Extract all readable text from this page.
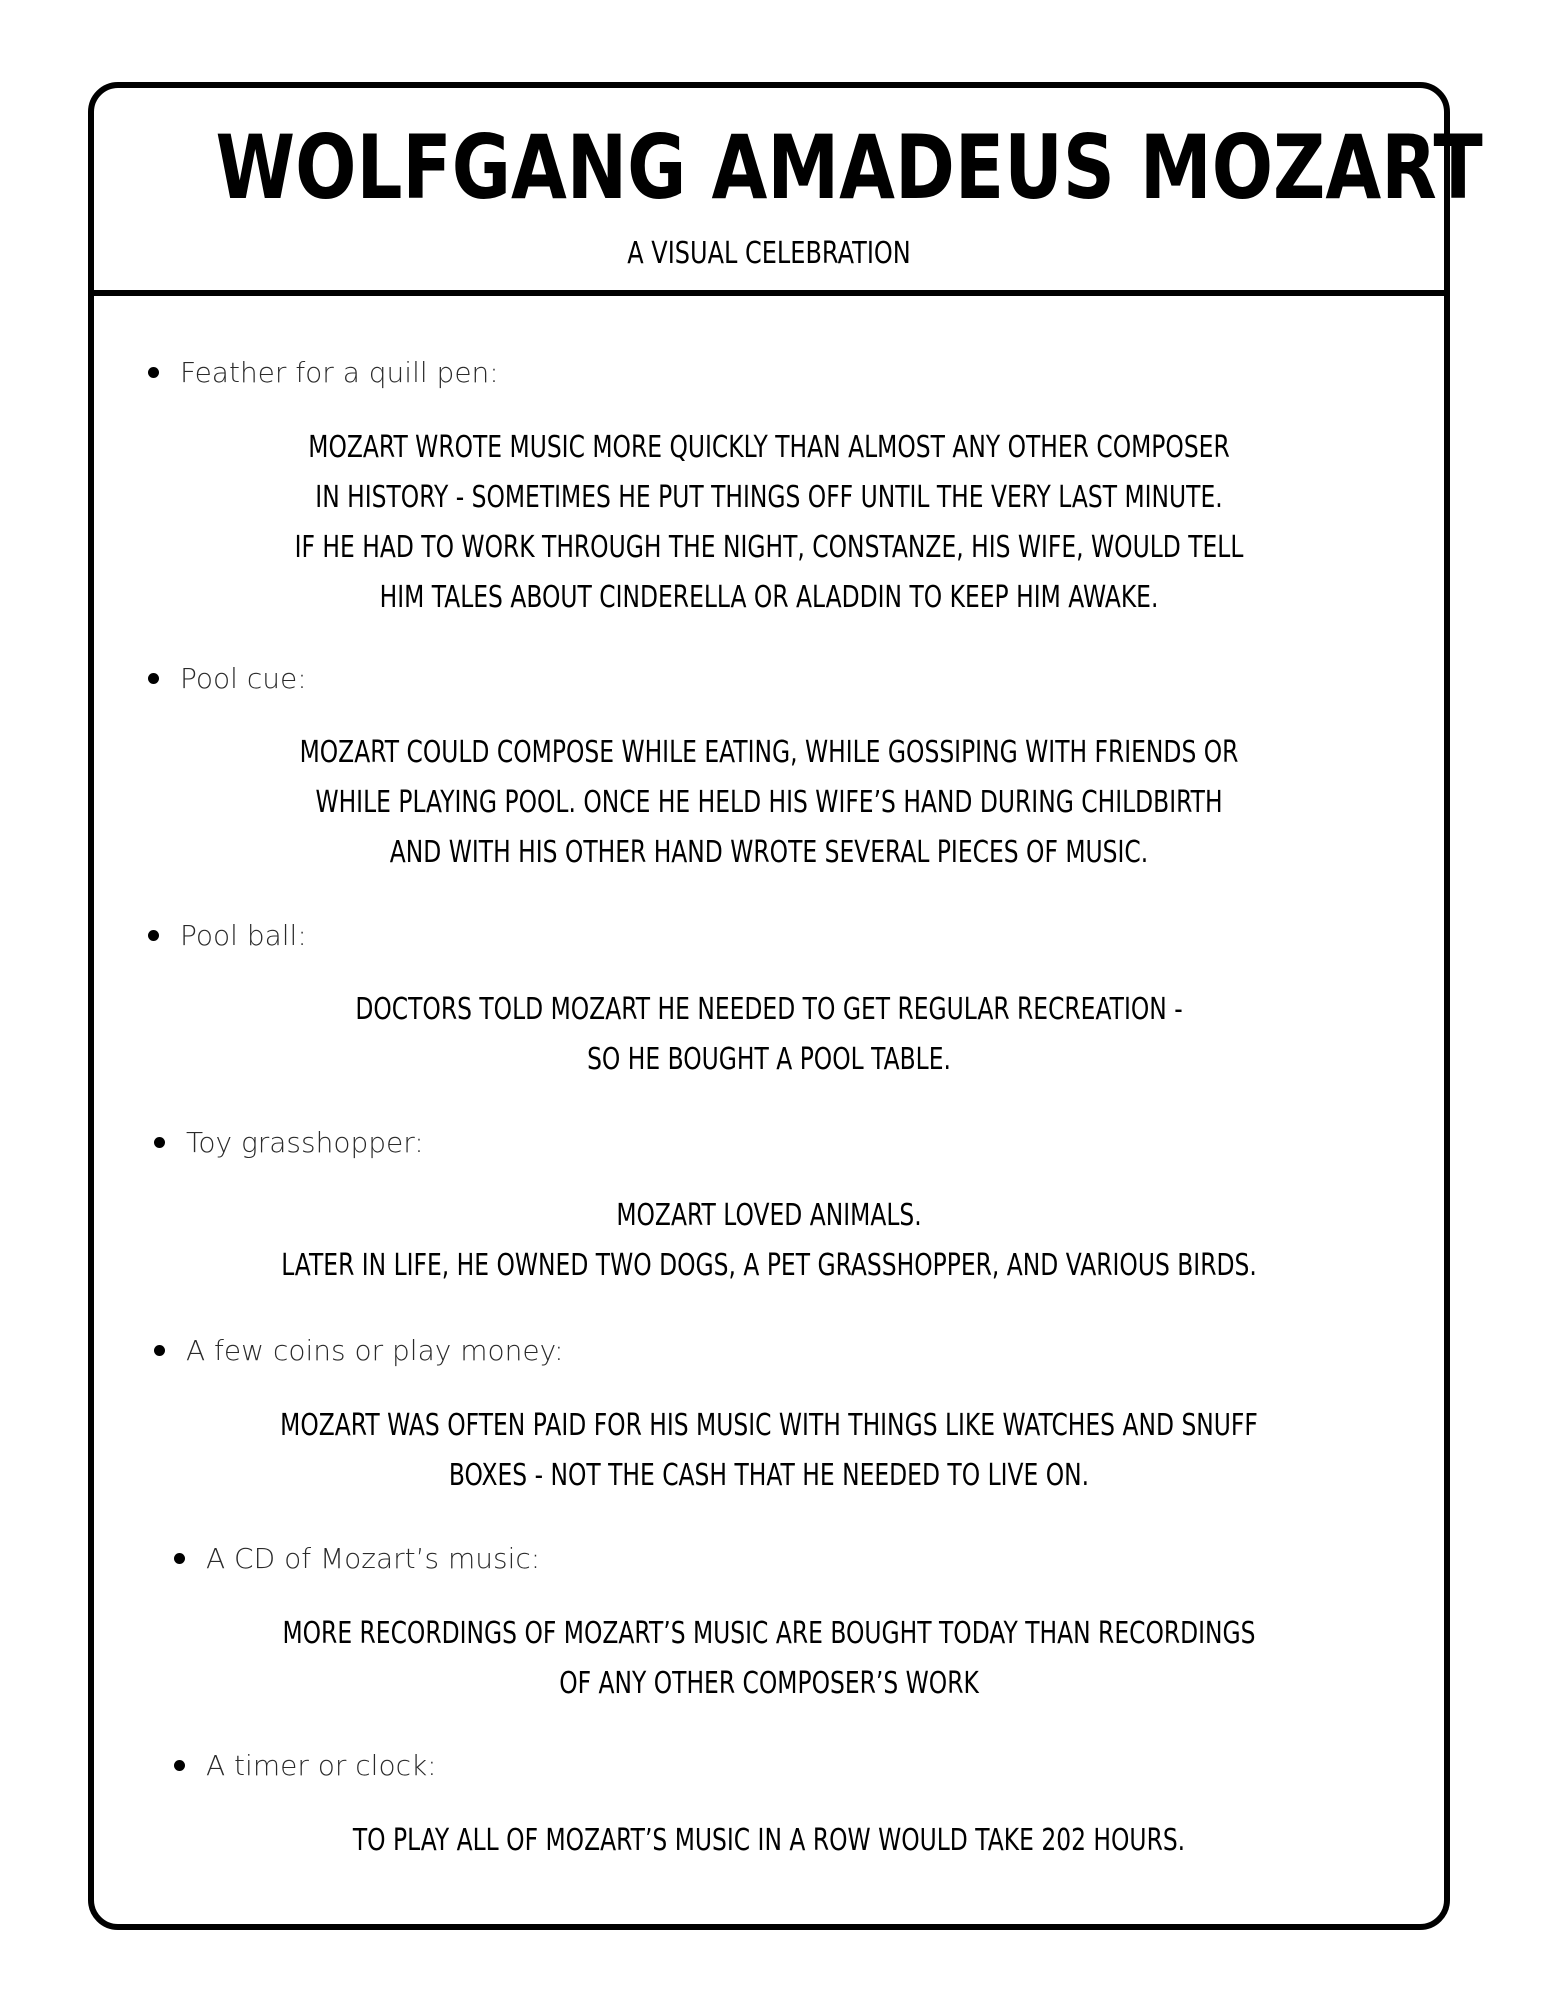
WOLFGANG AMADEUS MOZART
A VISUAL CELEBRATION
Feather for a quill pen:
MOZART WROTE MUSIC MORE QUICKLY THAN ALMOST ANY OTHER COMPOSER
IN HISTORY - SOMETIMES HE PUT THINGS OFF UNTIL THE VERY LAST MINUTE.
IF HE HAD TO WORK THROUGH THE NIGHT, CONSTANZE, HIS WIFE, WOULD TELL
HIM TALES ABOUT CINDERELLA OR ALADDIN TO KEEP HIM AWAKE.
Pool cue:
MOZART COULD COMPOSE WHILE EATING, WHILE GOSSIPING WITH FRIENDS OR
WHILE PLAYING POOL. ONCE HE HELD HIS WIFE’S HAND DURING CHILDBIRTH
AND WITH HIS OTHER HAND WROTE SEVERAL PIECES OF MUSIC.
Pool ball:
DOCTORS TOLD MOZART HE NEEDED TO GET REGULAR RECREATION -
SO HE BOUGHT A POOL TABLE.
Toy grasshopper:
MOZART LOVED ANIMALS.
LATER IN LIFE, HE OWNED TWO DOGS, A PET GRASSHOPPER, AND VARIOUS BIRDS.
A few coins or play money:
MOZART WAS OFTEN PAID FOR HIS MUSIC WITH THINGS LIKE WATCHES AND SNUFF
BOXES - NOT THE CASH THAT HE NEEDED TO LIVE ON.
A CD of Mozart’s music:
MORE RECORDINGS OF MOZART’S MUSIC ARE BOUGHT TODAY THAN RECORDINGS
OF ANY OTHER COMPOSER’S WORK
A timer or clock:
TO PLAY ALL OF MOZART’S MUSIC IN A ROW WOULD TAKE 202 HOURS.
